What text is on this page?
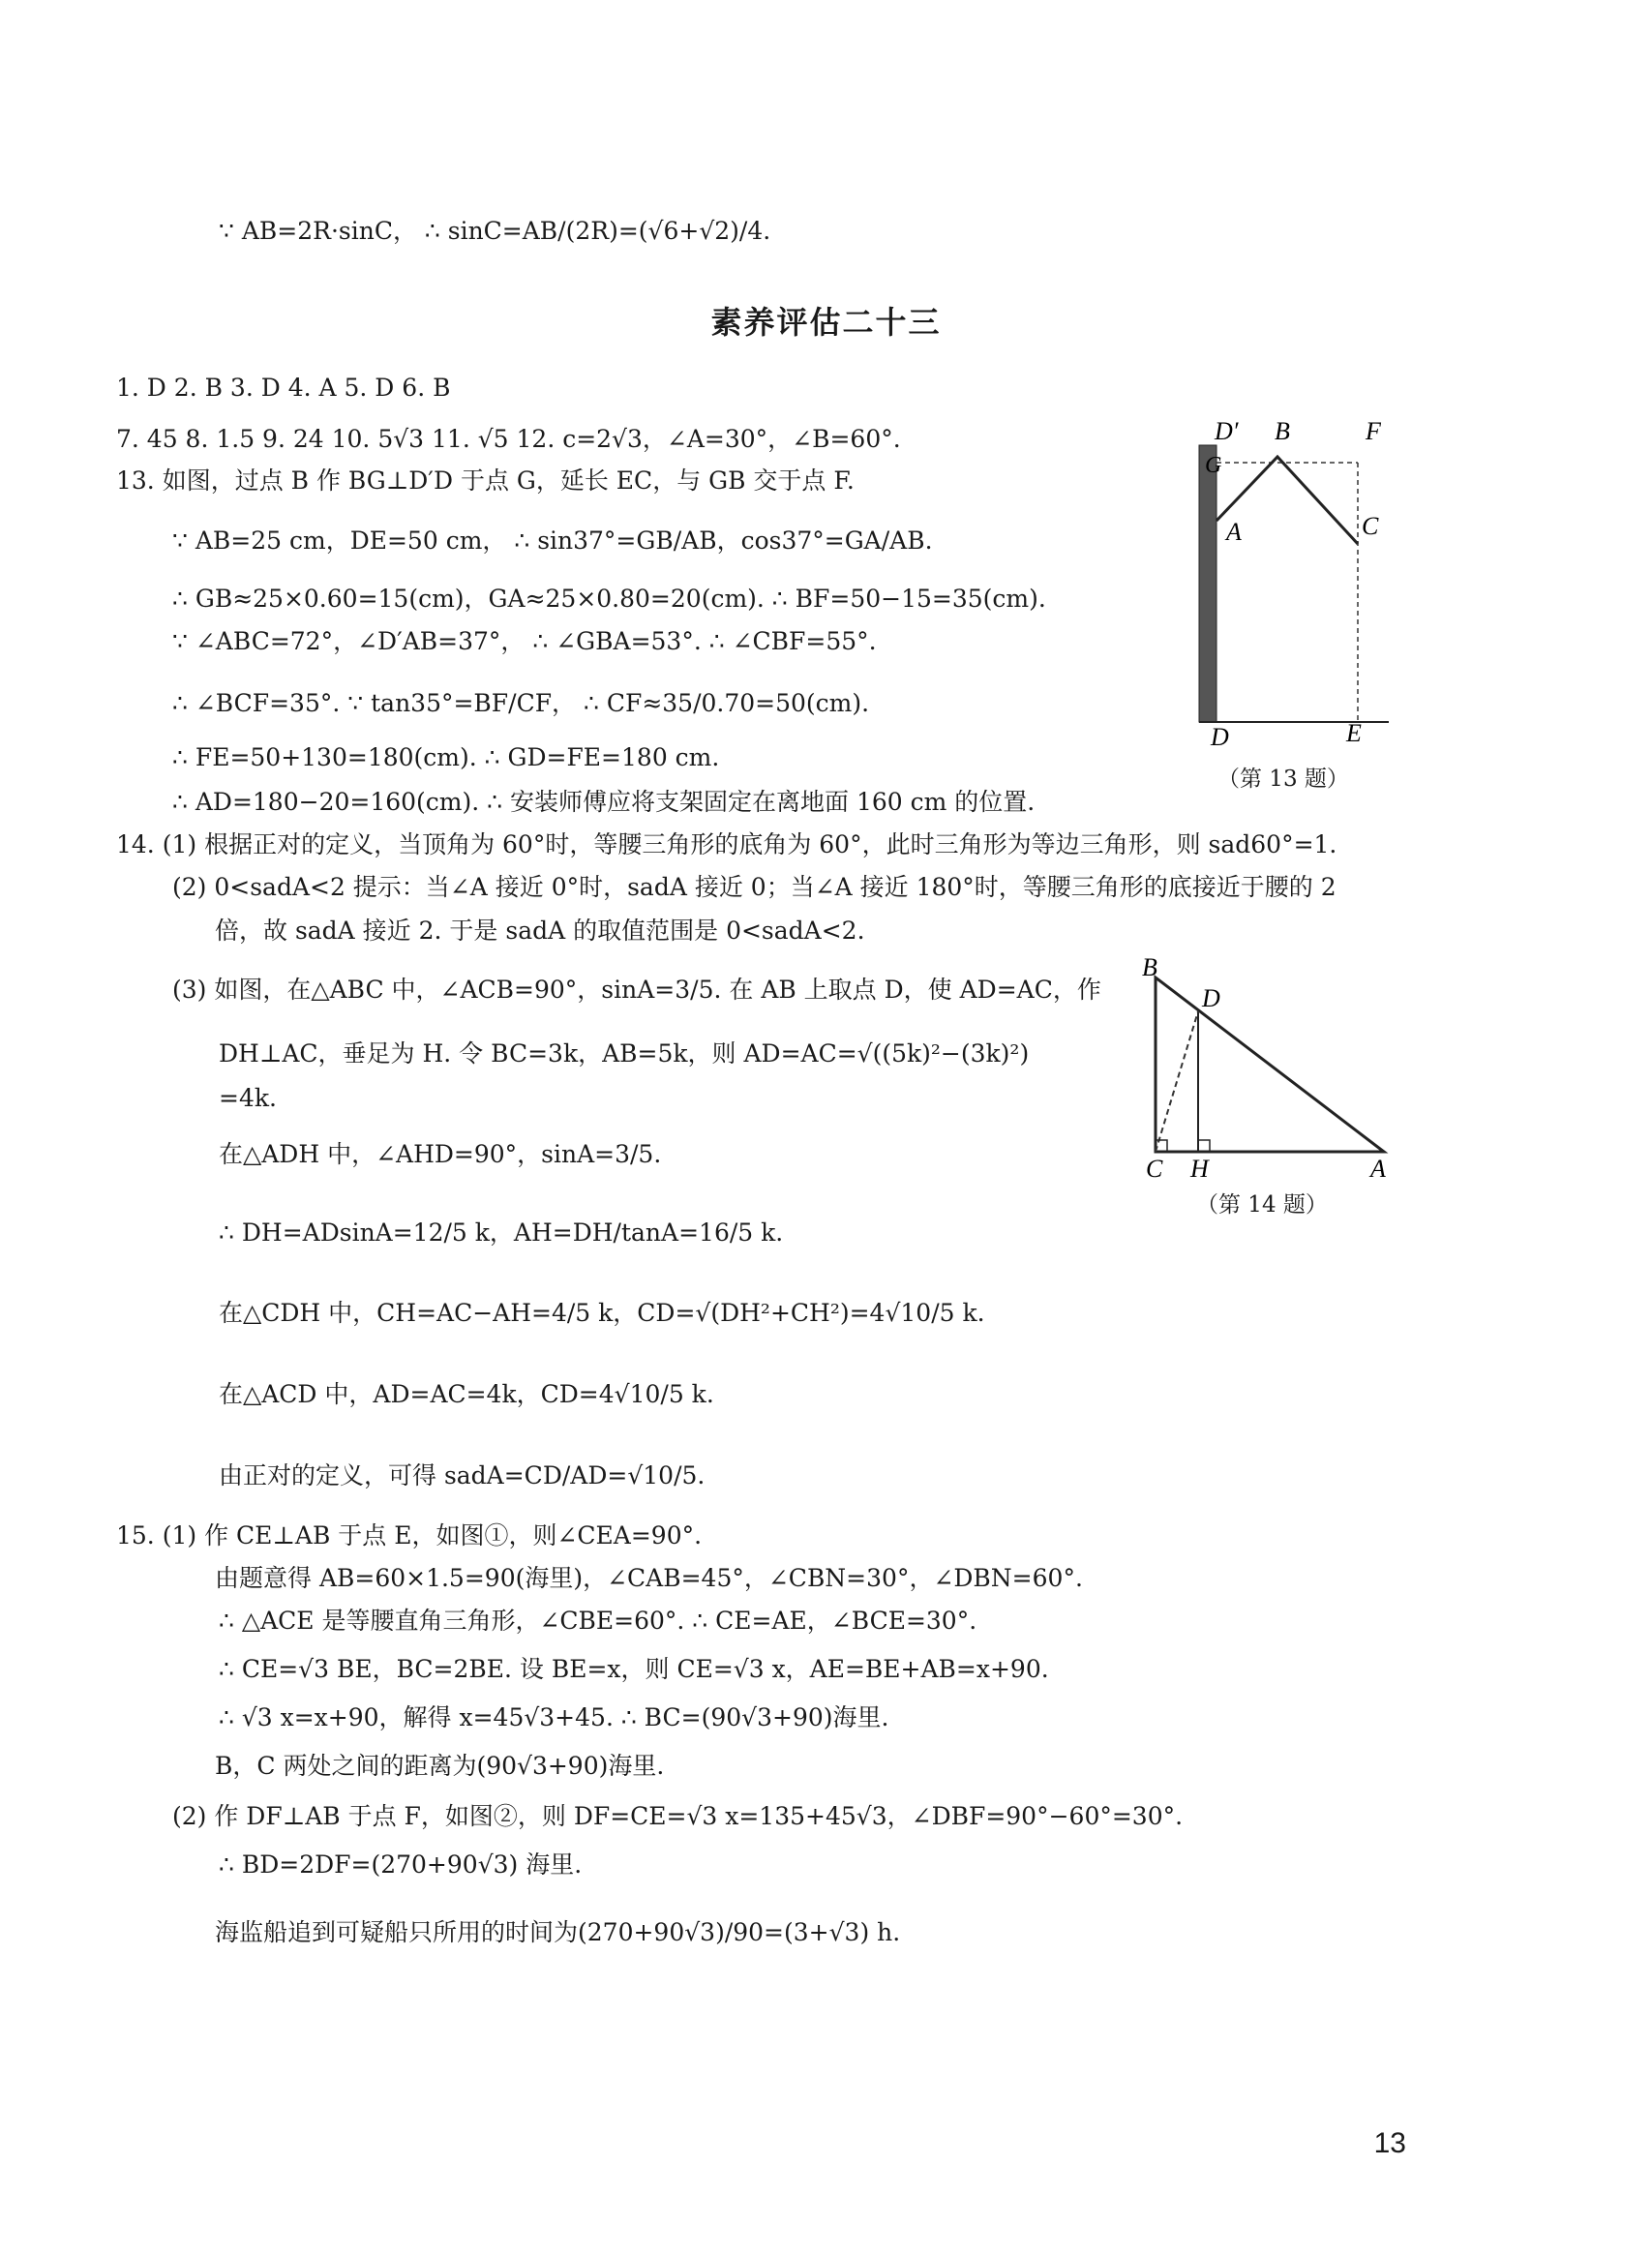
∵ AB=2R·sinC， ∴ sinC=AB/(2R)=(√6+√2)/4.
素养评估二十三
1. D 2. B 3. D 4. A 5. D 6. B
7. 45 8. 1.5 9. 24 10. 5√3 11. √5 12. c=2√3，∠A=30°，∠B=60°.
13. 如图，过点 B 作 BG⊥D′D 于点 G，延长 EC，与 GB 交于点 F.
∵ AB=25 cm，DE=50 cm， ∴ sin37°=GB/AB，cos37°=GA/AB.
∴ GB≈25×0.60=15(cm)，GA≈25×0.80=20(cm). ∴ BF=50−15=35(cm).
∵ ∠ABC=72°，∠D′AB=37°， ∴ ∠GBA=53°. ∴ ∠CBF=55°.
∴ ∠BCF=35°. ∵ tan35°=BF/CF， ∴ CF≈35/0.70=50(cm).
∴ FE=50+130=180(cm). ∴ GD=FE=180 cm.
∴ AD=180−20=160(cm). ∴ 安装师傅应将支架固定在离地面 160 cm 的位置.
D′ B	F
G
A	C
D	E
（第 13 题）
14. (1) 根据正对的定义，当顶角为 60°时，等腰三角形的底角为 60°，此时三角形为等边三角形，则 sad60°=1.
(2) 0<sadA<2 提示：当∠A 接近 0°时，sadA 接近 0；当∠A 接近 180°时，等腰三角形的底接近于腰的 2
倍，故 sadA 接近 2. 于是 sadA 的取值范围是 0<sadA<2.
(3) 如图，在△ABC 中，∠ACB=90°，sinA=3/5. 在 AB 上取点 D，使 AD=AC，作
DH⊥AC，垂足为 H. 令 BC=3k，AB=5k，则 AD=AC=√((5k)²−(3k)²)
=4k.
在△ADH 中，∠AHD=90°，sinA=3/5.
∴ DH=ADsinA=12/5 k，AH=DH/tanA=16/5 k.
在△CDH 中，CH=AC−AH=4/5 k，CD=√(DH²+CH²)=4√10/5 k.
在△ACD 中，AD=AC=4k，CD=4√10/5 k.
由正对的定义，可得 sadA=CD/AD=√10/5.
B
D
C H	A
（第 14 题）
15. (1) 作 CE⊥AB 于点 E，如图①，则∠CEA=90°.
由题意得 AB=60×1.5=90(海里)，∠CAB=45°，∠CBN=30°，∠DBN=60°.
∴ △ACE 是等腰直角三角形，∠CBE=60°. ∴ CE=AE，∠BCE=30°.
∴ CE=√3 BE，BC=2BE. 设 BE=x，则 CE=√3 x，AE=BE+AB=x+90.
∴ √3 x=x+90，解得 x=45√3+45. ∴ BC=(90√3+90)海里.
B，C 两处之间的距离为(90√3+90)海里.
(2) 作 DF⊥AB 于点 F，如图②，则 DF=CE=√3 x=135+45√3，∠DBF=90°−60°=30°.
∴ BD=2DF=(270+90√3) 海里.
海监船追到可疑船只所用的时间为(270+90√3)/90=(3+√3) h.
13
